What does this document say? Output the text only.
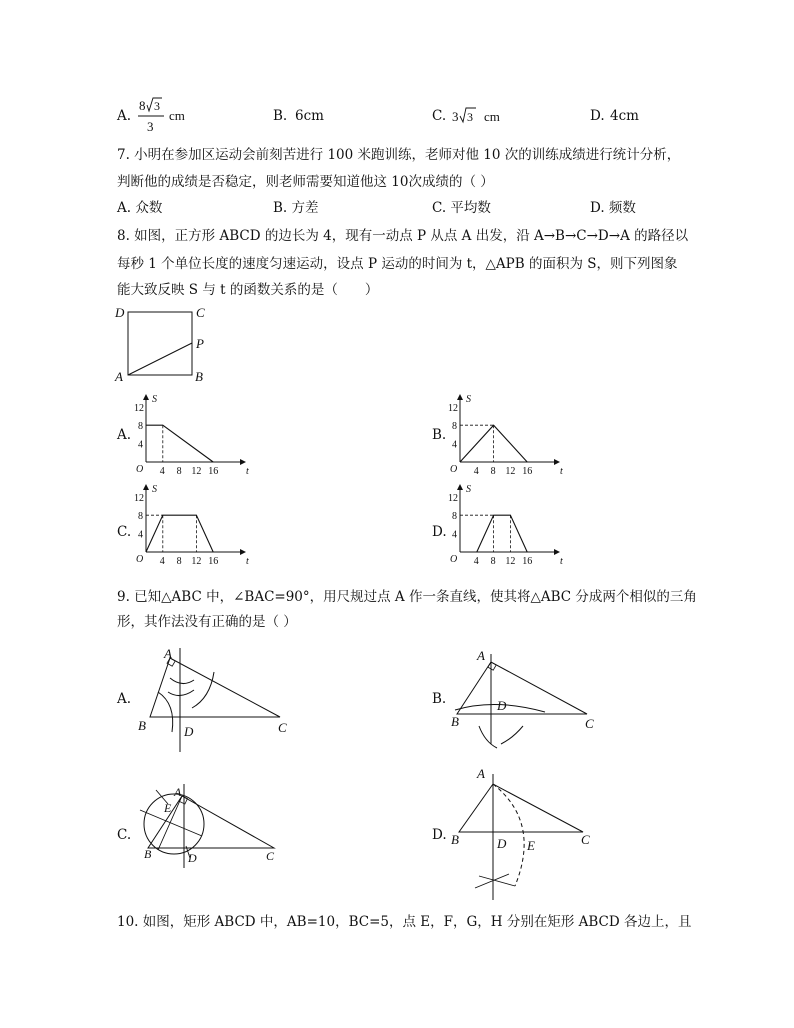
A.
8 3
3
cm	B. 6cm	C. 3 3 cm	D. 4cm
7. 小明在参加区运动会前刻苦进行 100 米跑训练，老师对他 10 次的训练成绩进行统计分析，
判断他的成绩是否稳定，则老师需要知道他这 10次成绩的（ ）
A. 众数	B. 方差	C. 平均数	D. 频数
8. 如图，正方形 ABCD 的边长为 4，现有一动点 P 从点 A 出发，沿 A→B→C→D→A 的路径以
每秒 1 个单位长度的速度匀速运动，设点 P 运动的时间为 t，△APB 的面积为 S，则下列图象
能大致反映 S 与 t 的函数关系的是（　　）
D	C
P
A	B
A.	B.
C.	D.
S
t
O 4 8 12 16
4
8
12
S
t
O 4 8 12 16
4
8
12
S
t
O 4 8 12 16
4
8
12
S
t
O 4 8 12 16
4
8
12
9. 已知△ABC 中，∠BAC=90°，用尺规过点 A 作一条直线，使其将△ABC 分成两个相似的三角
形，其作法没有正确的是（ ）
A.	B.
C.	D.
A
B	C
D
A
B	C
D
A
B	C
D
E
A
B	C
D E
10. 如图，矩形 ABCD 中，AB=10，BC=5，点 E，F，G，H 分别在矩形 ABCD 各边上，且
